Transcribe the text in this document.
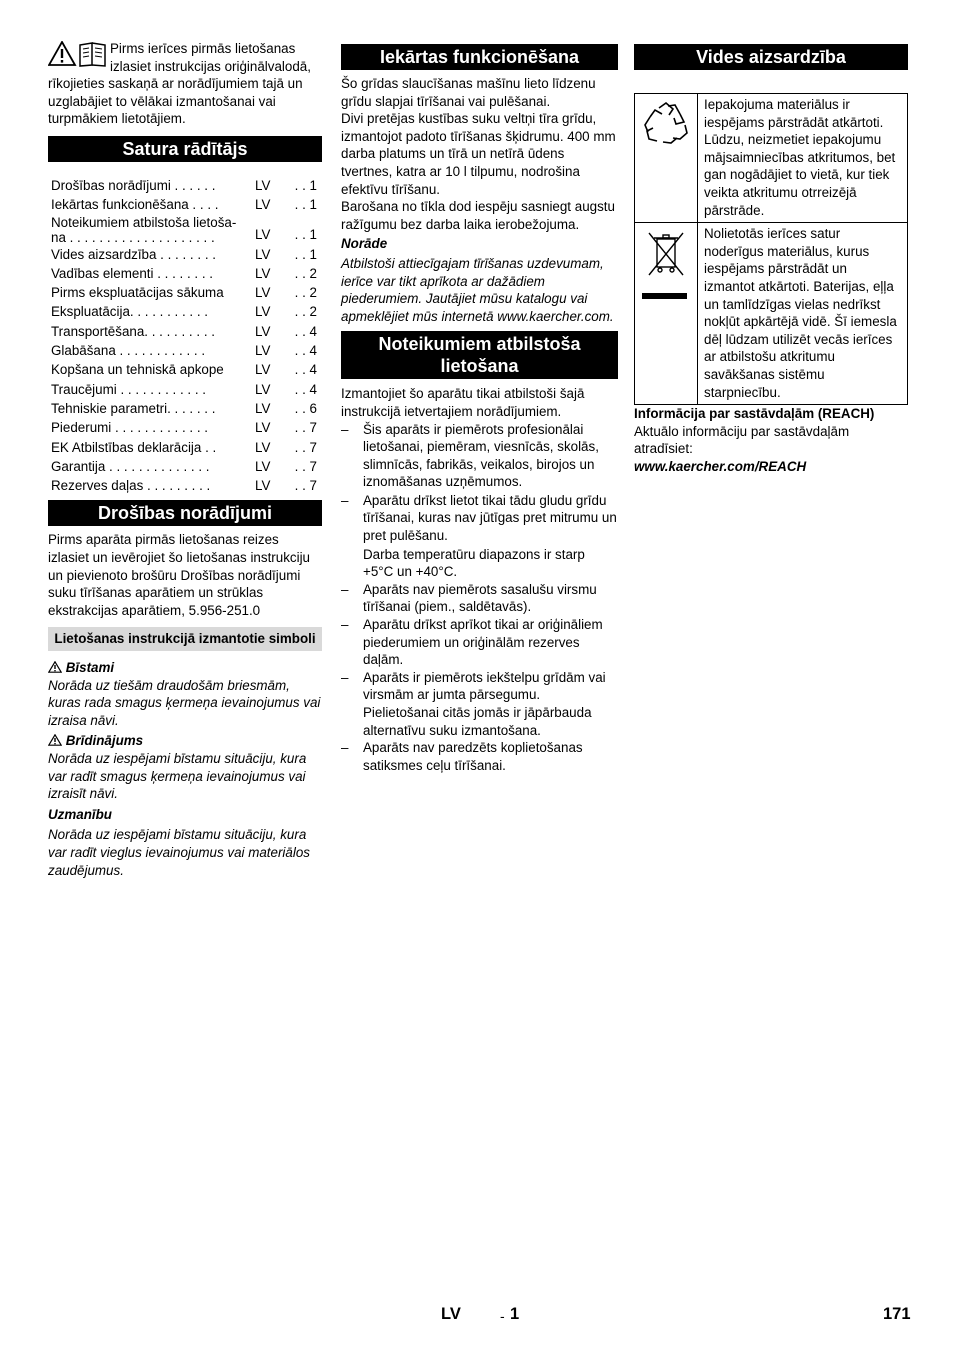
Pirms ierīces pirmās lietošanas izlasiet instrukcijas oriģinālvalodā, rīkojieties saskaņā ar norādījumiem tajā un uzglabājiet to vēlākai izmantošanai vai turpmākiem lietotājiem.

Satura rādītājs
Drošības norādījumi . . . . . .	LV	. . 1
Iekārtas funkcionēšana . . . .	LV	. . 1
Noteikumiem atbilstoša lietoša-
na . . . . . . . . . . . . . . . . . . . .	LV	. . 1
Vides aizsardzība . . . . . . . .	LV	. . 1
Vadības elementi . . . . . . . .	LV	. . 2
Pirms ekspluatācijas sākuma	LV	. . 2
Ekspluatācija. . . . . . . . . . .	LV	. . 2
Transportēšana. . . . . . . . . .	LV	. . 4
Glabāšana . . . . . . . . . . . .	LV	. . 4
Kopšana un tehniskā apkope	LV	. . 4
Traucējumi . . . . . . . . . . . .	LV	. . 4
Tehniskie parametri. . . . . . .	LV	. . 6
Piederumi . . . . . . . . . . . . .	LV	. . 7
EK Atbilstības deklarācija . .	LV	. . 7
Garantija . . . . . . . . . . . . . .	LV	. . 7
Rezerves daļas . . . . . . . . .	LV	. . 7
Drošības norādījumi

Pirms aparāta pirmās lietošanas reizes izlasiet un ievērojiet šo lietošanas instrukciju un pievienoto brošūru Drošības norādījumi suku tīrīšanas aparātiem un strūklas ekstrakcijas aparātiem, 5.956-251.0

Lietošanas instrukcijā izmantotie simboli

Bīstami

Norāda uz tiešām draudošām briesmām, kuras rada smagus ķermeņa ievainojumus vai izraisa nāvi.

Brīdinājums

Norāda uz iespējami bīstamu situāciju, kura var radīt smagus ķermeņa ievainojumus vai izraisīt nāvi.

Uzmanību

Norāda uz iespējami bīstamu situāciju, kura var radīt vieglus ievainojumus vai materiālos zaudējumus.

Iekārtas funkcionēšana

Šo grīdas slaucīšanas mašīnu lieto līdzenu grīdu slapjai tīrīšanai vai pulēšanai.

Divi pretējas kustības suku veltņi tīra grīdu, izmantojot padoto tīrīšanas šķidrumu. 400 mm darba platums un tīrā un netīrā ūdens tvertnes, katra ar 10 l tilpumu, nodrošina efektīvu tīrīšanu.

Barošana no tīkla dod iespēju sasniegt augstu ražīgumu bez darba laika ierobežojuma.

Norāde

Atbilstoši attiecīgajam tīrīšanas uzdevumam, ierīce var tikt aprīkota ar dažādiem piederumiem. Jautājiet mūsu katalogu vai apmeklējiet mūs internetā www.kaercher.com.

Noteikumiem atbilstoša lietošana

Izmantojiet šo aparātu tikai atbilstoši šajā instrukcijā ietvertajiem norādījumiem.

– Šis aparāts ir piemērots profesionālai lietošanai, piemēram, viesnīcās, skolās, slimnīcās, fabrikās, veikalos, birojos un iznomāšanas uzņēmumos.
– Aparātu drīkst lietot tikai tādu gludu grīdu tīrīšanai, kuras nav jūtīgas pret mitrumu un pret pulēšanu.
Darba temperatūru diapazons ir starp +5°C un +40°C.
– Aparāts nav piemērots sasalušu virsmu tīrīšanai (piem., saldētavās).
– Aparātu drīkst aprīkot tikai ar oriģināliem piederumiem un oriģinālām rezerves daļām.
– Aparāts ir piemērots iekštelpu grīdām vai virsmām ar jumta pārsegumu. Pielietošanai citās jomās ir jāpārbauda alternatīvu suku izmantošana.
– Aparāts nav paredzēts koplietošanas satiksmes ceļu tīrīšanai.
Vides aizsardzība
	Iepakojuma materiālus ir iespējams pārstrādāt atkārtoti. Lūdzu, neizmetiet iepakojumu mājsaimniecības atkritumos, bet gan nogādājiet to vietā, kur tiek veikta atkritumu otrreizējā pārstrāde.
	Nolietotās ierīces satur noderīgus materiālus, kurus iespējams pārstrādāt un izmantot atkārtoti. Baterijas, eļļa un tamlīdzīgas vielas nedrīkst nokļūt apkārtējā vidē. Šī iemesla dēļ lūdzam utilizēt vecās ierīces ar atbilstošu atkritumu savākšanas sistēmu starpniecību.

Informācija par sastāvdaļām (REACH)

Aktuālo informāciju par sastāvdaļām atradīsiet:

www.kaercher.com/REACH

LV	- 1	171
